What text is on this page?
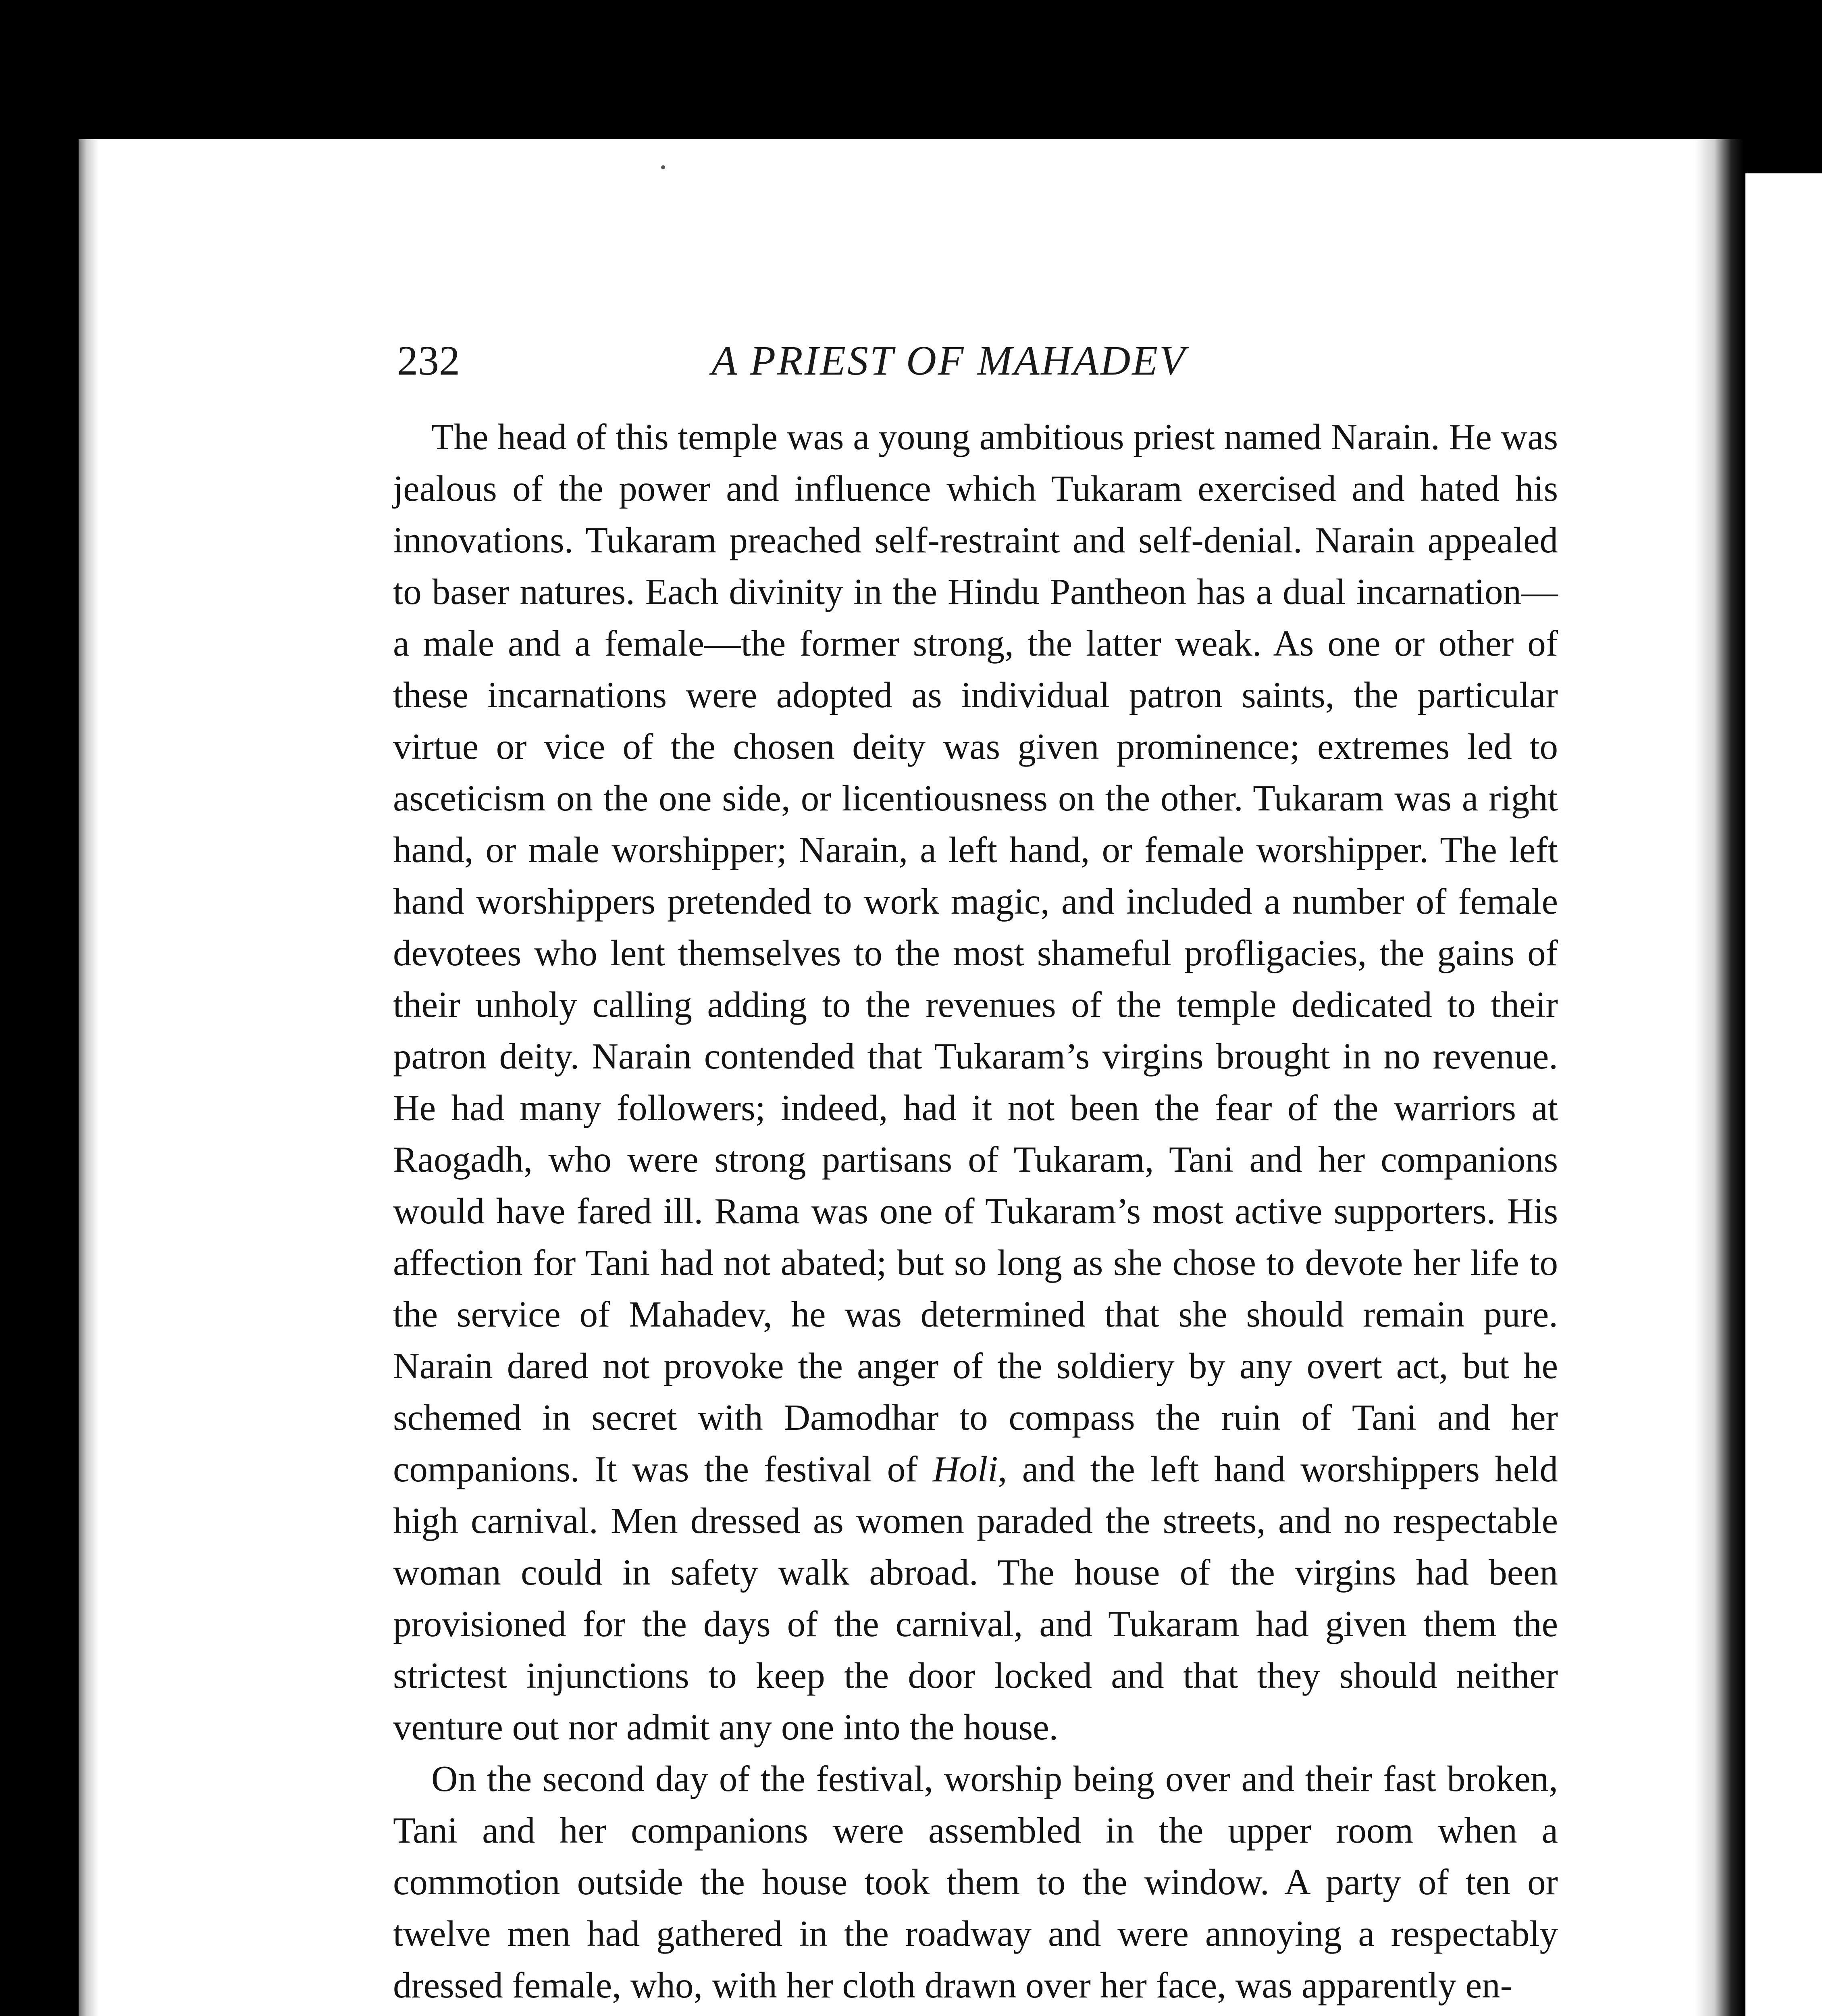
232	A PRIEST OF MAHADEV

The head of this temple was a young ambitious priest named Narain. He was jealous of the power and influence which Tukaram exercised and hated his innovations. Tukaram preached self-restraint and self-denial. Narain appealed to baser natures. Each divinity in the Hindu Pantheon has a dual incarnation—a male and a female—the former strong, the latter weak. As one or other of these incarnations were adopted as individual patron saints, the particular virtue or vice of the chosen deity was given prominence; extremes led to asceticism on the one side, or licentiousness on the other. Tukaram was a right hand, or male worshipper; Narain, a left hand, or female worshipper. The left hand worshippers pretended to work magic, and included a number of female devotees who lent themselves to the most shameful profligacies, the gains of their unholy calling adding to the revenues of the temple dedicated to their patron deity. Narain contended that Tukaram’s virgins brought in no revenue. He had many followers; indeed, had it not been the fear of the warriors at Raogadh, who were strong partisans of Tukaram, Tani and her companions would have fared ill. Rama was one of Tukaram’s most active supporters. His affection for Tani had not abated; but so long as she chose to devote her life to the service of Mahadev, he was determined that she should remain pure. Narain dared not provoke the anger of the soldiery by any overt act, but he schemed in secret with Damodhar to compass the ruin of Tani and her companions. It was the festival of Holi, and the left hand worshippers held high carnival. Men dressed as women paraded the streets, and no respectable woman could in safety walk abroad. The house of the virgins had been provisioned for the days of the carnival, and Tukaram had given them the strictest injunctions to keep the door locked and that they should neither venture out nor admit any one into the house.

On the second day of the festival, worship being over and their fast broken, Tani and her companions were assembled in the upper room when a commotion outside the house took them to the window. A party of ten or twelve men had gathered in the roadway and were annoying a respectably dressed female, who, with her cloth drawn over her face, was apparently en-
